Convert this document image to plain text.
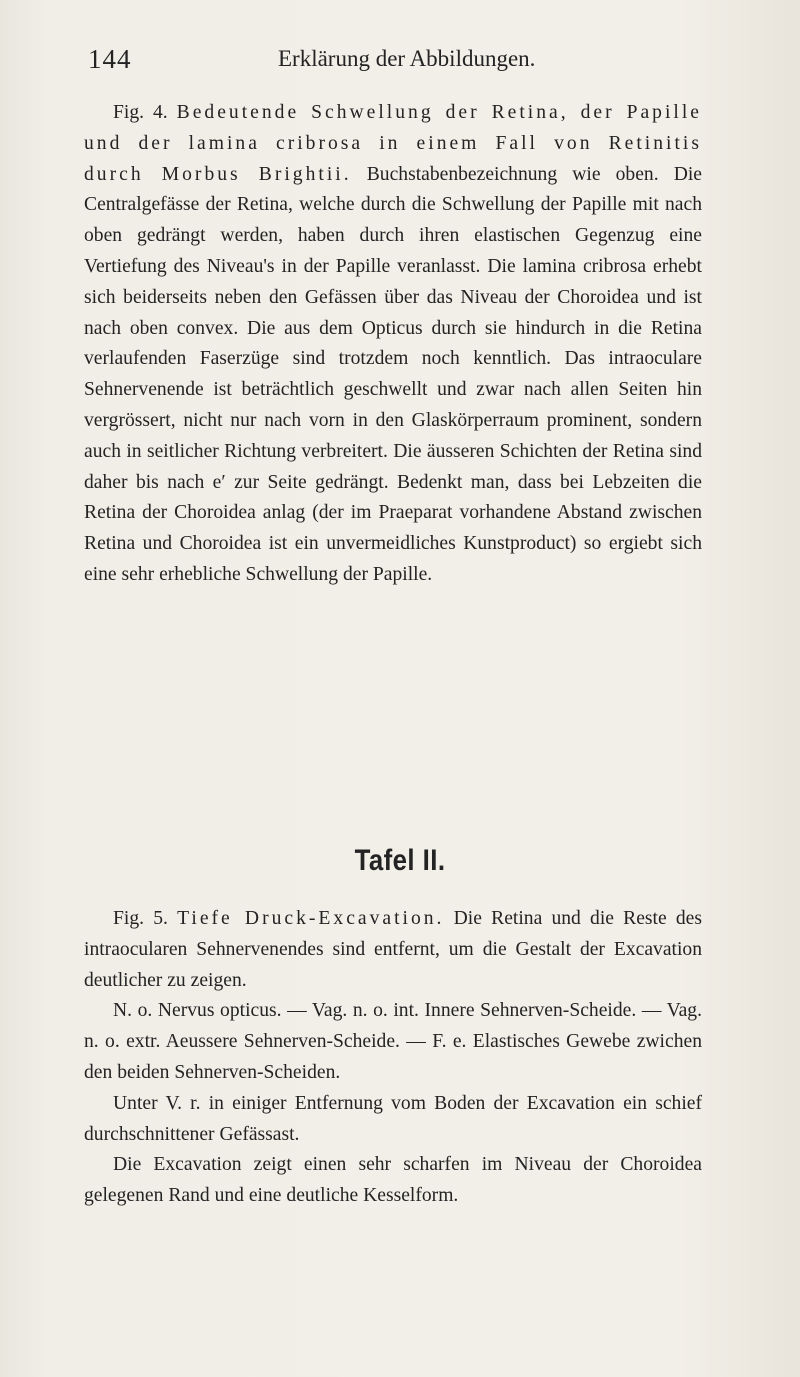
144	Erklärung der Abbildungen.

Fig. 4. Bedeutende Schwellung der Retina, der Papille und der lamina cribrosa in einem Fall von Retinitis durch Morbus Brightii. Buchstabenbezeichnung wie oben. Die Centralgefässe der Retina, welche durch die Schwellung der Papille mit nach oben gedrängt werden, haben durch ihren elastischen Gegenzug eine Vertiefung des Niveau's in der Papille veranlasst. Die lamina cribrosa erhebt sich beiderseits neben den Gefässen über das Niveau der Choroidea und ist nach oben convex. Die aus dem Opticus durch sie hindurch in die Retina verlaufenden Faserzüge sind trotzdem noch kenntlich. Das intraoculare Sehnervenende ist beträchtlich geschwellt und zwar nach allen Seiten hin vergrössert, nicht nur nach vorn in den Glaskörperraum prominent, sondern auch in seitlicher Richtung verbreitert. Die äusseren Schichten der Retina sind daher bis nach e′ zur Seite gedrängt. Bedenkt man, dass bei Lebzeiten die Retina der Choroidea anlag (der im Praeparat vorhandene Abstand zwischen Retina und Choroidea ist ein unvermeidliches Kunstproduct) so ergiebt sich eine sehr erhebliche Schwellung der Papille.

Tafel II.

Fig. 5. Tiefe Druck-Excavation. Die Retina und die Reste des intraocularen Sehnervenendes sind entfernt, um die Gestalt der Excavation deutlicher zu zeigen.

N. o. Nervus opticus. — Vag. n. o. int. Innere Sehnerven-Scheide. — Vag. n. o. extr. Aeussere Sehnerven-Scheide. — F. e. Elastisches Gewebe zwichen den beiden Sehnerven-Scheiden.

Unter V. r. in einiger Entfernung vom Boden der Excavation ein schief durchschnittener Gefässast.

Die Excavation zeigt einen sehr scharfen im Niveau der Choroidea gelegenen Rand und eine deutliche Kesselform.
